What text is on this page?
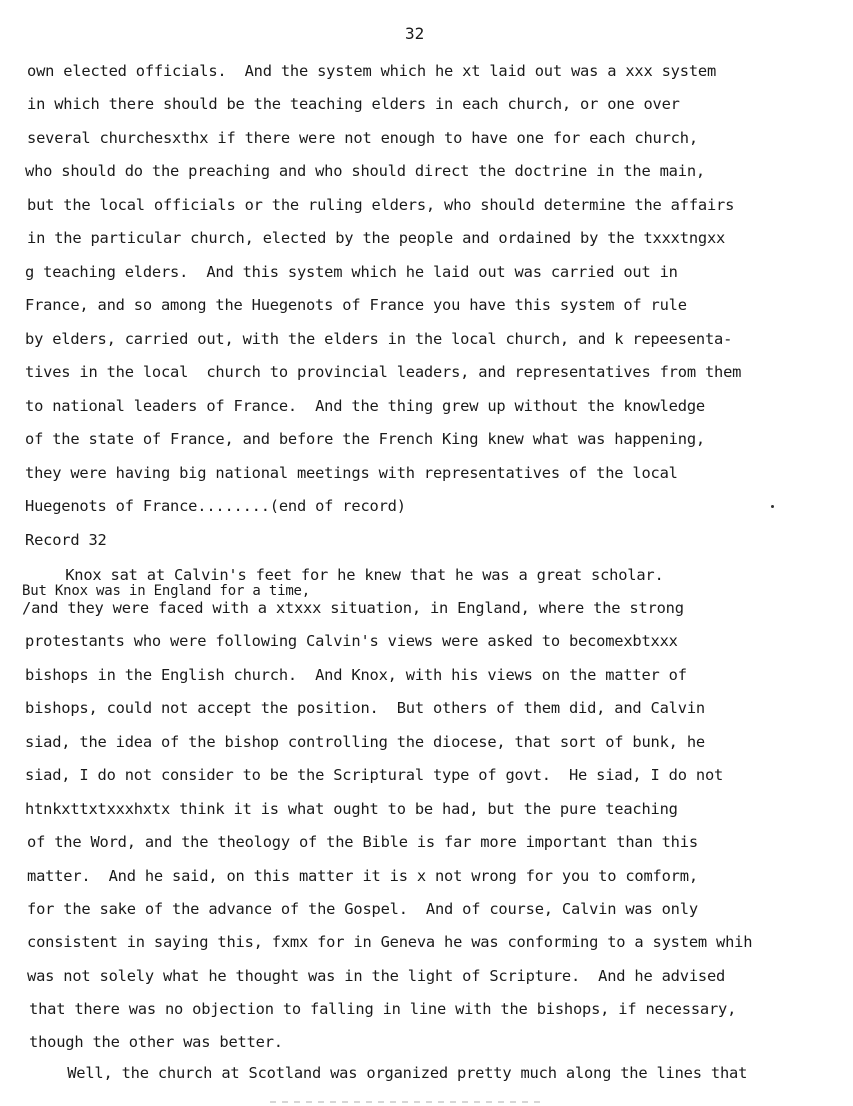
32
own elected officials.  And the system which he xt laid out was a xxx system
in which there should be the teaching elders in each church, or one over
several churchesxthx if there were not enough to have one for each church,
who should do the preaching and who should direct the doctrine in the main,
but the local officials or the ruling elders, who should determine the affairs
in the particular church, elected by the people and ordained by the txxxtngxx
g teaching elders.  And this system which he laid out was carried out in
France, and so among the Huegenots of France you have this system of rule
by elders, carried out, with the elders in the local church, and k repeesenta-
tives in the local  church to provincial leaders, and representatives from them
to national leaders of France.  And the thing grew up without the knowledge
of the state of France, and before the French King knew what was happening,
they were having big national meetings with representatives of the local
Huegenots of France........(end of record)
Record 32
Knox sat at Calvin's feet for he knew that he was a great scholar.
But Knox was in England for a time,
/and they were faced with a xtxxx situation, in England, where the strong
protestants who were following Calvin's views were asked to becomexbtxxx
bishops in the English church.  And Knox, with his views on the matter of
bishops, could not accept the position.  But others of them did, and Calvin
siad, the idea of the bishop controlling the diocese, that sort of bunk, he
siad, I do not consider to be the Scriptural type of govt.  He siad, I do not
htnkxttxtxxxhxtx think it is what ought to be had, but the pure teaching
of the Word, and the theology of the Bible is far more important than this
matter.  And he said, on this matter it is x not wrong for you to comform,
for the sake of the advance of the Gospel.  And of course, Calvin was only
consistent in saying this, fxmx for in Geneva he was conforming to a system whih
was not solely what he thought was in the light of Scripture.  And he advised
that there was no objection to falling in line with the bishops, if necessary,
though the other was better.
Well, the church at Scotland was organized pretty much along the lines that
